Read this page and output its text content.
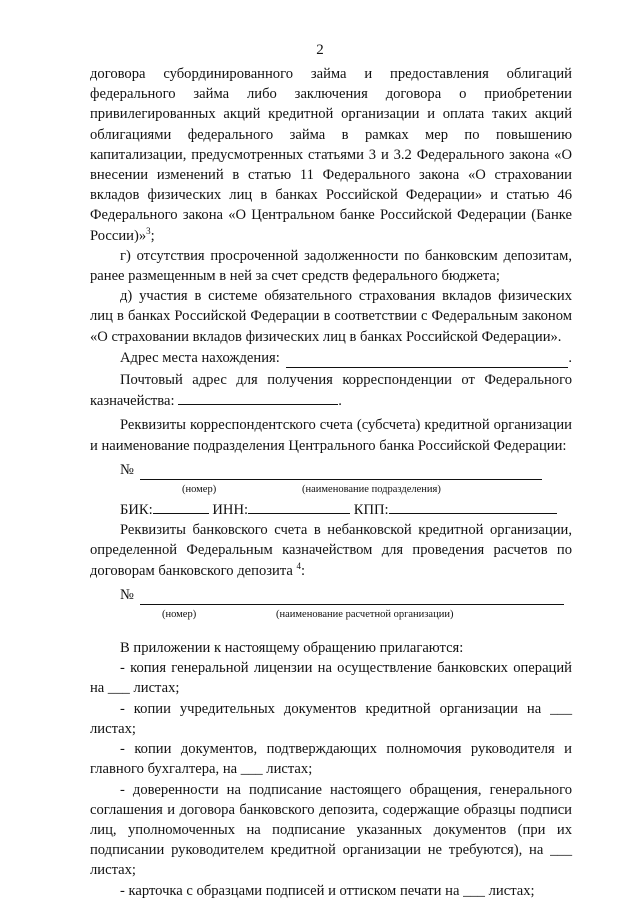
2

договора субординированного займа и предоставления облигаций федерального займа либо заключения договора о приобретении привилегированных акций кредитной организации и оплата таких акций облигациями федерального займа в рамках мер по повышению капитализации, предусмотренных статьями 3 и 3.2 Федерального закона «О внесении изменений в статью 11 Федерального закона «О страховании вкладов физических лиц в банках Российской Федерации» и статью 46 Федерального закона «О Центральном банке Российской Федерации (Банке России)»$^3$;

г) отсутствия просроченной задолженности по банковским депозитам, ранее размещенным в ней за счет средств федерального бюджета;

д) участия в системе обязательного страхования вкладов физических лиц в банках Российской Федерации в соответствии с Федеральным законом «О страховании вкладов физических лиц в банках Российской Федерации».

Адрес места нахождения:	.

Почтовый адрес для получения корреспонденции от Федерального казначейства:	.

Реквизиты корреспондентского счета (субсчета) кредитной организации и наименование подразделения Центрального банка Российской Федерации:

№
(номер)	(наименование подразделения)
БИК:	ИНН:	КПП:

Реквизиты банковского счета в небанковской кредитной организации, определенной Федеральным казначейством для проведения расчетов по договорам банковского депозита $^4$:

№
(номер)	(наименование расчетной организации)

В приложении к настоящему обращению прилагаются:

- копия генеральной лицензии на осуществление банковских операций на ___ листах;

- копии учредительных документов кредитной организации на ___ листах;

- копии документов, подтверждающих полномочия руководителя и главного бухгалтера, на ___ листах;

- доверенности на подписание настоящего обращения, генерального соглашения и договора банковского депозита, содержащие образцы подписи лиц, уполномоченных на подписание указанных документов (при их подписании руководителем кредитной организации не требуются), на ___ листах;

- карточка с образцами подписей и оттиском печати на ___ листах;
